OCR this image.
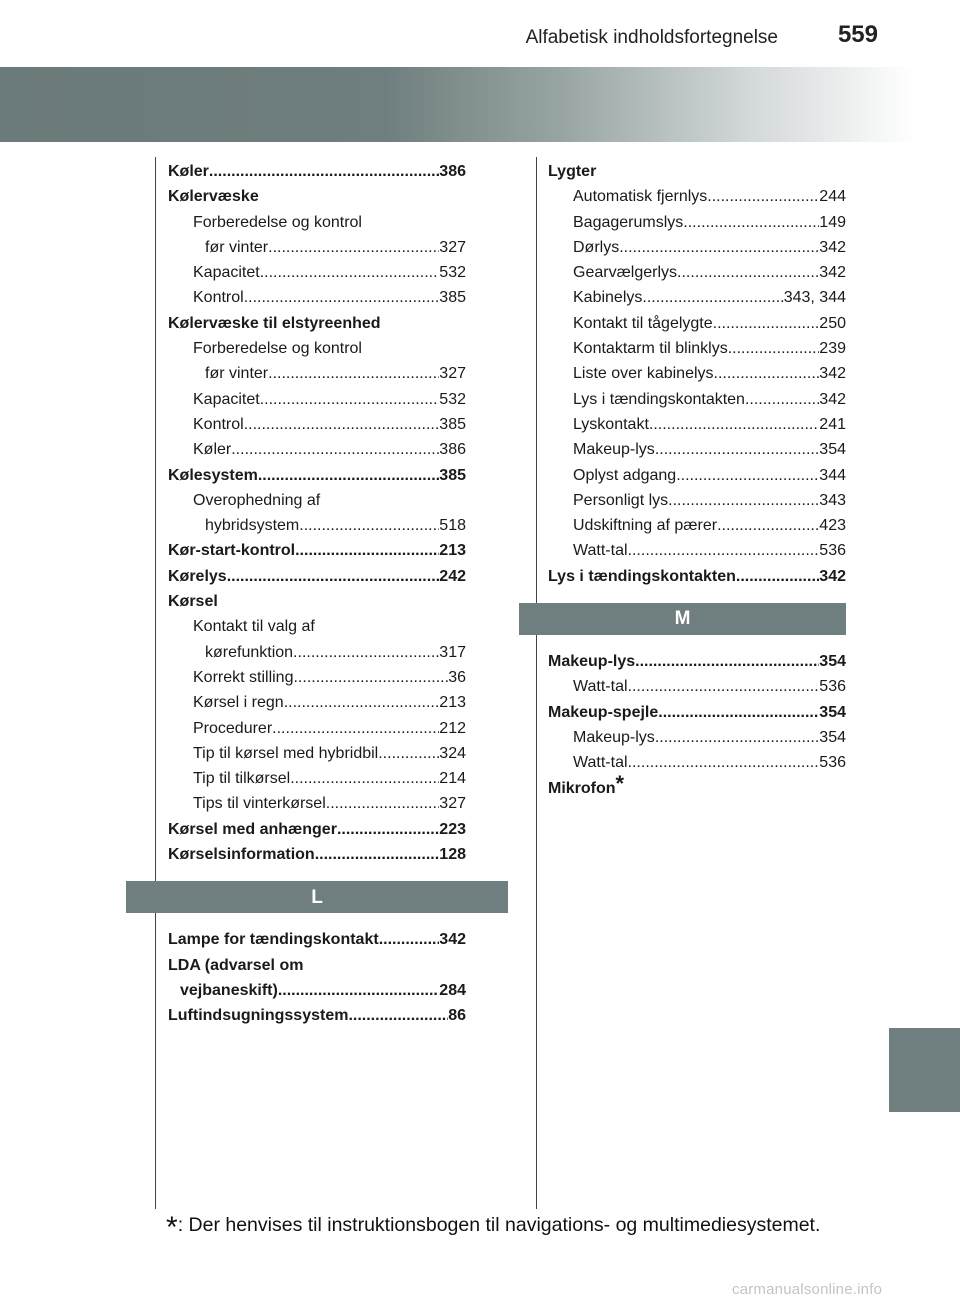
Alfabetisk indholdsfortegnelse 559
Køler .....	386
Kølervæske
Forberedelse og kontrol
før vinter .....	327
Kapacitet .....	532
Kontrol .....	385
Kølervæske til elstyreenhed
Forberedelse og kontrol
før vinter .....	327
Kapacitet .....	532
Kontrol .....	385
Køler .....	386
Kølesystem .....	385
Overophedning af
hybridsystem .....	518
Kør-start-kontrol .....	213
Kørelys .....	242
Kørsel
Kontakt til valg af
kørefunktion .....	317
Korrekt stilling .....	36
Kørsel i regn .....	213
Procedurer .....	212
Tip til kørsel med hybridbil .....	324
Tip til tilkørsel .....	214
Tips til vinterkørsel .....	327
Kørsel med anhænger .....	223
Kørselsinformation .....	128
L
Lampe for tændingskontakt .....	342
LDA (advarsel om
vejbaneskift) .....	284
Luftindsugningssystem .....	86
Lygter
Automatisk fjernlys .....	244
Bagagerumslys .....	149
Dørlys .....	342
Gearvælgerlys .....	342
Kabinelys .....	343, 344
Kontakt til tågelygte .....	250
Kontaktarm til blinklys .....	239
Liste over kabinelys .....	342
Lys i tændingskontakten .....	342
Lyskontakt .....	241
Makeup-lys .....	354
Oplyst adgang .....	344
Personligt lys .....	343
Udskiftning af pærer .....	423
Watt-tal .....	536
Lys i tændingskontakten .....	342
M
Makeup-lys .....	354
Watt-tal .....	536
Makeup-spejle .....	354
Makeup-lys .....	354
Watt-tal .....	536
Mikrofon *
*: Der henvises til instruktionsbogen til navigations- og multimediesystemet.
carmanualsonline.info
